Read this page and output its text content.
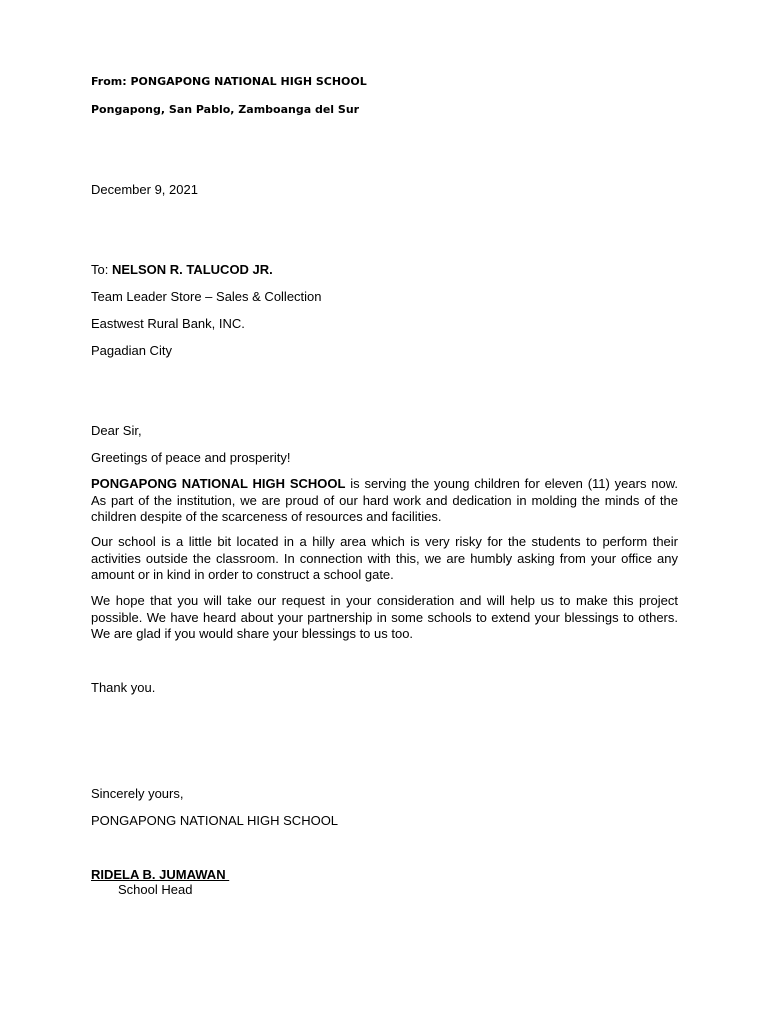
From: PONGAPONG NATIONAL HIGH SCHOOL
Pongapong, San Pablo, Zamboanga del Sur
December 9, 2021
To: NELSON R. TALUCOD JR.
Team Leader Store – Sales & Collection
Eastwest Rural Bank, INC.
Pagadian City
Dear Sir,
Greetings of peace and prosperity!

PONGAPONG NATIONAL HIGH SCHOOL is serving the young children for eleven (11) years now. As part of the institution, we are proud of our hard work and dedication in molding the minds of the children despite of the scarceness of resources and facilities.

Our school is a little bit located in a hilly area which is very risky for the students to perform their activities outside the classroom. In connection with this, we are humbly asking from your office any amount or in kind in order to construct a school gate.

We hope that you will take our request in your consideration and will help us to make this project possible. We have heard about your partnership in some schools to extend your blessings to others. We are glad if you would share your blessings to us too.

Thank you.
Sincerely yours,
PONGAPONG NATIONAL HIGH SCHOOL
RIDELA B. JUMAWAN
School Head
